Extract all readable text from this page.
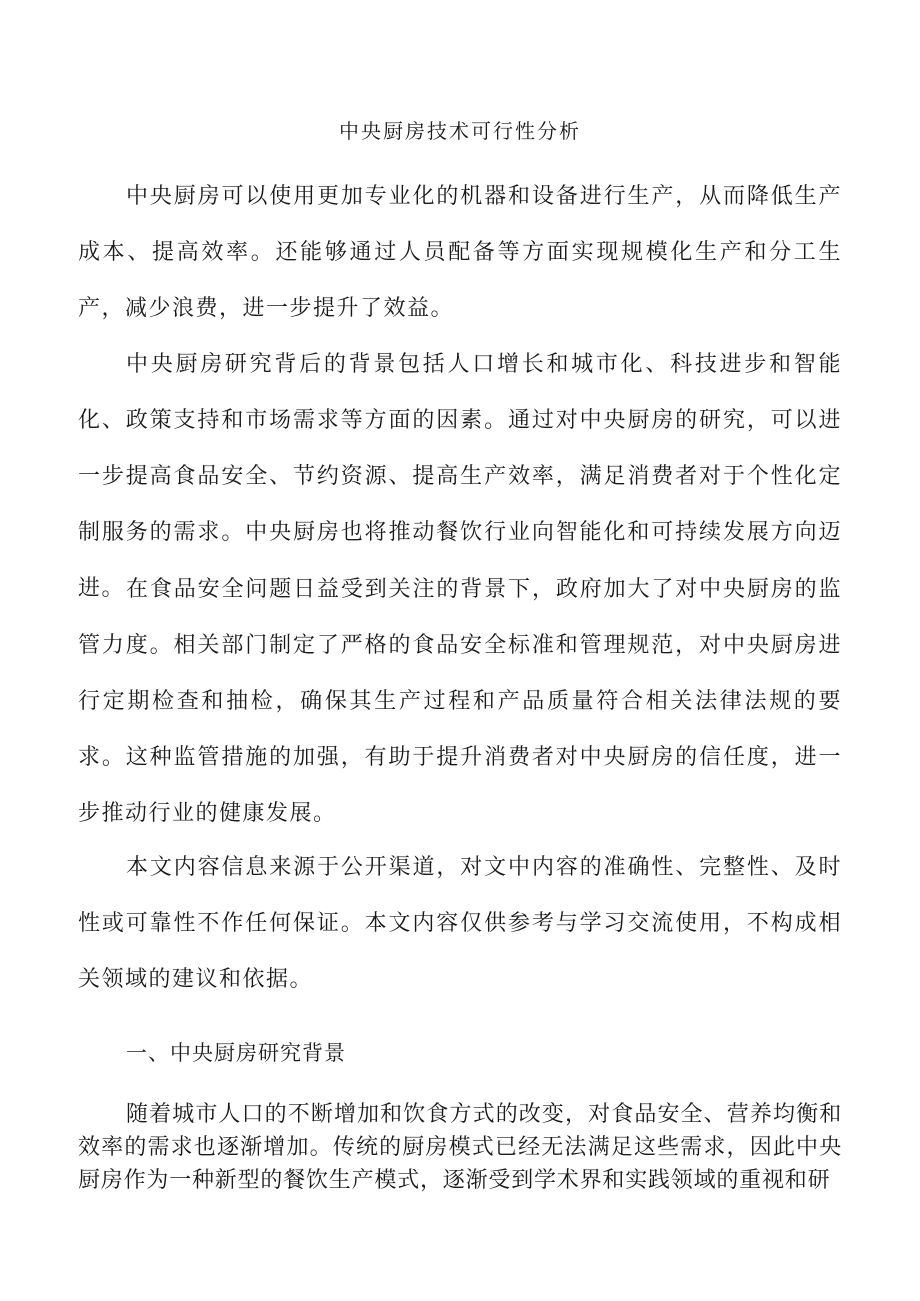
中央厨房技术可行性分析

中央厨房可以使用更加专业化的机器和设备进行生产，从而降低生产成本、提高效率。还能够通过人员配备等方面实现规模化生产和分工生产，减少浪费，进一步提升了效益。

中央厨房研究背后的背景包括人口增长和城市化、科技进步和智能化、政策支持和市场需求等方面的因素。通过对中央厨房的研究，可以进一步提高食品安全、节约资源、提高生产效率，满足消费者对于个性化定制服务的需求。中央厨房也将推动餐饮行业向智能化和可持续发展方向迈进。 在食品安全问题日益受到关注的背景下，政府加大了对中央厨房的监管力度。相关部门制定了严格的食品安全标准和管理规范，对中央厨房进行定期检查和抽检，确保其生产过程和产品质量符合相关法律法规的要求。这种监管措施的加强，有助于提升消费者对中央厨房的信任度，进一步推动行业的健康发展。

本文内容信息来源于公开渠道，对文中内容的准确性、完整性、及时性或可靠性不作任何保证。本文内容仅供参考与学习交流使用，不构成相关领域的建议和依据。

一、中央厨房研究背景

随着城市人口的不断增加和饮食方式的改变，对食品安全、营养均衡和效率的需求也逐渐增加。传统的厨房模式已经无法满足这些需求，因此中央厨房作为一种新型的餐饮生产模式，逐渐受到学术界和实践领域的重视和研
